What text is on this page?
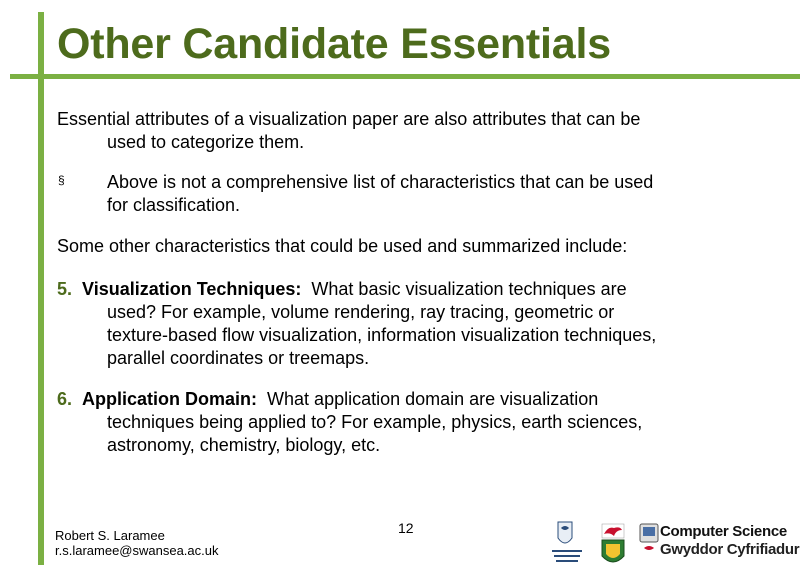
Other Candidate Essentials

Essential attributes of a visualization paper are also attributes that can be
used to categorize them.

§ Above is not a comprehensive list of characteristics that can be used
for classification.

Some other characteristics that could be used and summarized include:

5. Visualization Techniques: What basic visualization techniques are
used? For example, volume rendering, ray tracing, geometric or
texture-based flow visualization, information visualization techniques,
parallel coordinates or treemaps.
6. Application Domain: What application domain are visualization
techniques being applied to? For example, physics, earth sciences,
astronomy, chemistry, biology, etc.
Robert S. Laramee
r.s.laramee@swansea.ac.uk
12	Computer Science
Gwyddor Cyfrifiadur
